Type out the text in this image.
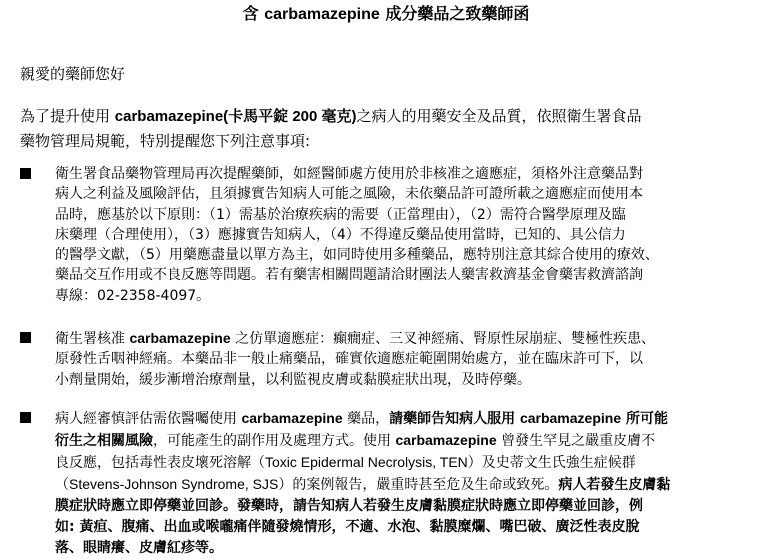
含 carbamazepine 成分藥品之致藥師函
親愛的藥師您好
為了提升使用 carbamazepine(卡馬平錠 200 毫克)之病人的用藥安全及品質，依照衛生署食品
藥物管理局規範，特別提醒您下列注意事項:
衛生署食品藥物管理局再次提醒藥師，如經醫師處方使用於非核准之適應症，須格外注意藥品對
病人之利益及風險評估，且須據實告知病人可能之風險，未依藥品許可證所載之適應症而使用本
品時，應基於以下原則：（1）需基於治療疾病的需要（正當理由），（2）需符合醫學原理及臨
床藥理（合理使用），（3）應據實告知病人，（4）不得違反藥品使用當時，已知的、具公信力
的醫學文獻，（5）用藥應盡量以單方為主，如同時使用多種藥品，應特別注意其綜合使用的療效、
藥品交互作用或不良反應等問題。若有藥害相關問題請洽財團法人藥害救濟基金會藥害救濟諮詢
專線：02-2358-4097。
衛生署核准 carbamazepine 之仿單適應症：癲癇症、三叉神經痛、腎原性尿崩症、雙極性疾患、
原發性舌咽神經痛。本藥品非一般止痛藥品，確實依適應症範圍開始處方，並在臨床許可下，以
小劑量開始，緩步漸增治療劑量，以利監視皮膚或黏膜症狀出現，及時停藥。
病人經審慎評估需依醫囑使用 carbamazepine 藥品，請藥師告知病人服用 carbamazepine 所可能
衍生之相關風險，可能產生的副作用及處理方式。使用 carbamazepine 曾發生罕見之嚴重皮膚不
良反應，包括毒性表皮壞死溶解（Toxic Epidermal Necrolysis, TEN）及史蒂文生氏強生症候群
（Stevens-Johnson Syndrome, SJS）的案例報告，嚴重時甚至危及生命或致死。病人若發生皮膚黏
膜症狀時應立即停藥並回診。發藥時，請告知病人若發生皮膚黏膜症狀時應立即停藥並回診，例
如: 黃疸、腹痛、出血或喉嚨痛伴隨發燒情形，不適、水泡、黏膜糜爛、嘴巴破、廣泛性表皮脫
落、眼睛癢、皮膚紅疹等。
